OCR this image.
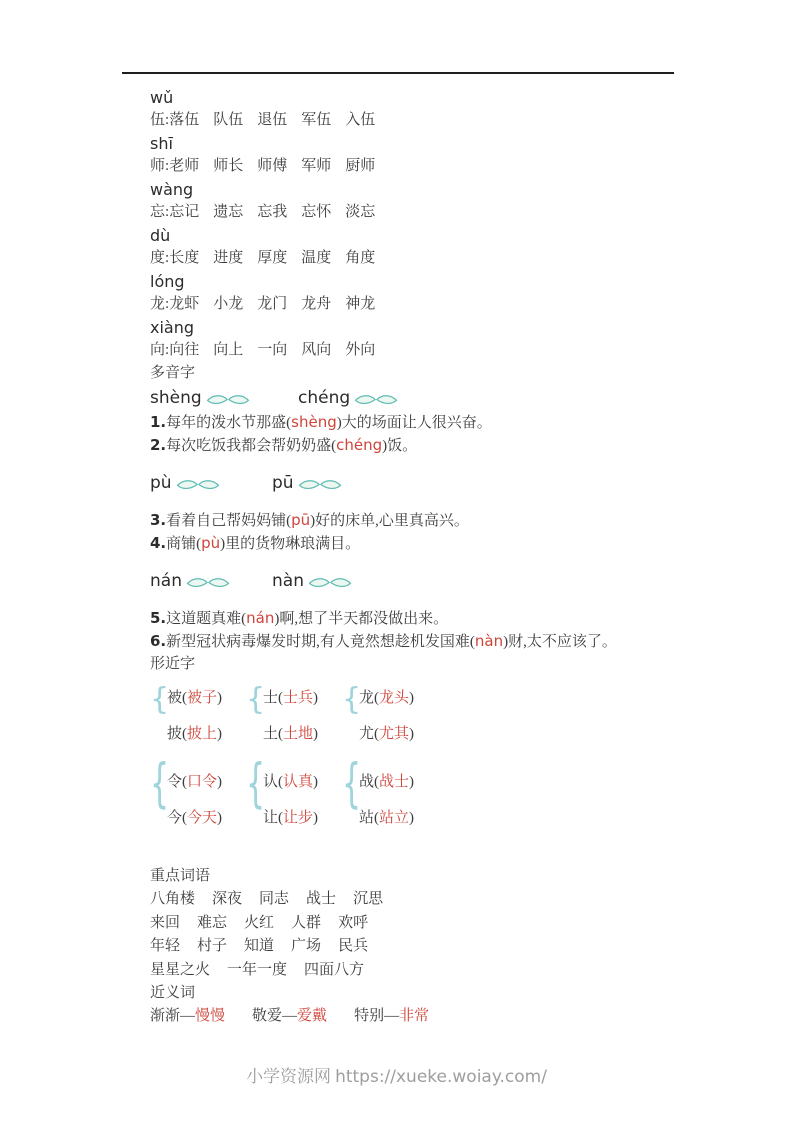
wǔ
伍:落伍 队伍 退伍 军伍 入伍
shī
师:老师 师长 师傅 军师 厨师
wàng
忘:忘记 遗忘 忘我 忘怀 淡忘
dù
度:长度 进度 厚度 温度 角度
lóng
龙:龙虾 小龙 龙门 龙舟 神龙
xiàng
向:向往 向上 一向 风向 外向
多音字
shèng	chéng
1.每年的泼水节那盛(shèng)大的场面让人很兴奋。
2.每次吃饭我都会帮奶奶盛(chéng)饭。
pù	pū
3.看着自己帮妈妈铺(pū)好的床单,心里真高兴。
4.商铺(pù)里的货物琳琅满目。
nán	nàn
5.这道题真难(nán)啊,想了半天都没做出来。
6.新型冠状病毒爆发时期,有人竟然想趁机发国难(nàn)财,太不应该了。
形近字
{
被(被子)
披(披上)
{
士(士兵)
土(土地)
{
龙(龙头)
尤(尤其)
{
令(口令)
今(今天)
{
认(认真)
让(让步)
{
战(战士)
站(站立)
重点词语
八角楼 深夜 同志 战士 沉思
来回 难忘 火红 人群 欢呼
年轻 村子 知道 广场 民兵
星星之火 一年一度 四面八方
近义词
渐渐—慢慢 敬爱—爱戴 特别—非常
小学资源网 https://xueke.woiay.com/
